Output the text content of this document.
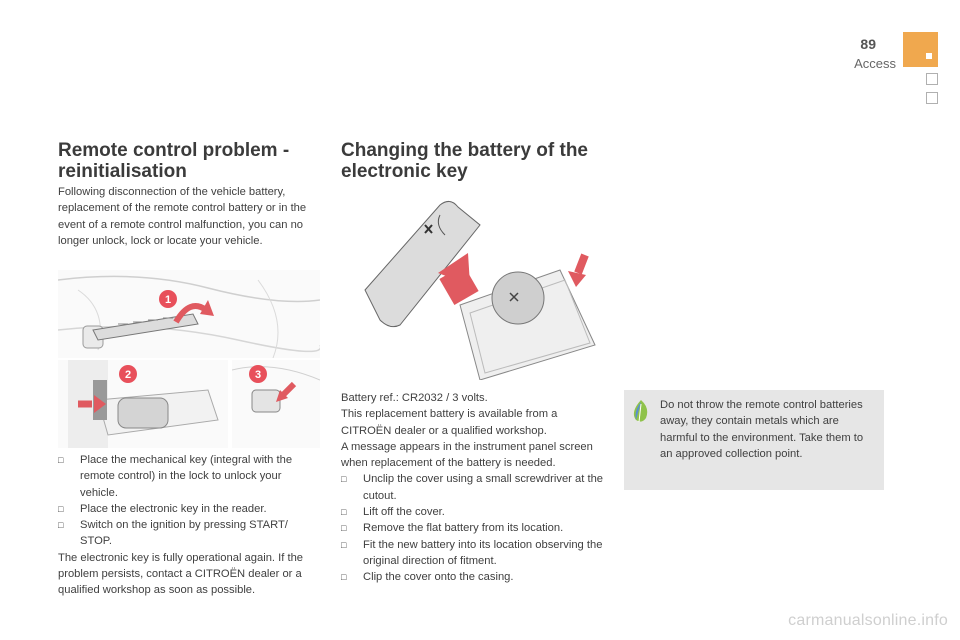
89
Access
Remote control problem -
reinitialisation
Following disconnection of the vehicle battery, replacement of the remote control battery or in the event of a remote control malfunction, you can no longer unlock, lock or locate your vehicle.
1
2	3
□ Place the mechanical key (integral with the remote control) in the lock to unlock your vehicle.
□ Place the electronic key in the reader.
□ Switch on the ignition by pressing START/ STOP.
The electronic key is fully operational again. If the problem persists, contact a CITROËN dealer or a qualified workshop as soon as possible.
Changing the battery of the
electronic key
Battery ref.: CR2032 / 3 volts.
This replacement battery is available from a CITROËN dealer or a qualified workshop.
A message appears in the instrument panel screen when replacement of the battery is needed.
□ Unclip the cover using a small screwdriver at the cutout.
□ Lift off the cover.
□ Remove the flat battery from its location.
□ Fit the new battery into its location observing the original direction of fitment.
□ Clip the cover onto the casing.
Do not throw the remote control batteries away, they contain metals which are harmful to the environment. Take them to an approved collection point.
carmanualsonline.info
